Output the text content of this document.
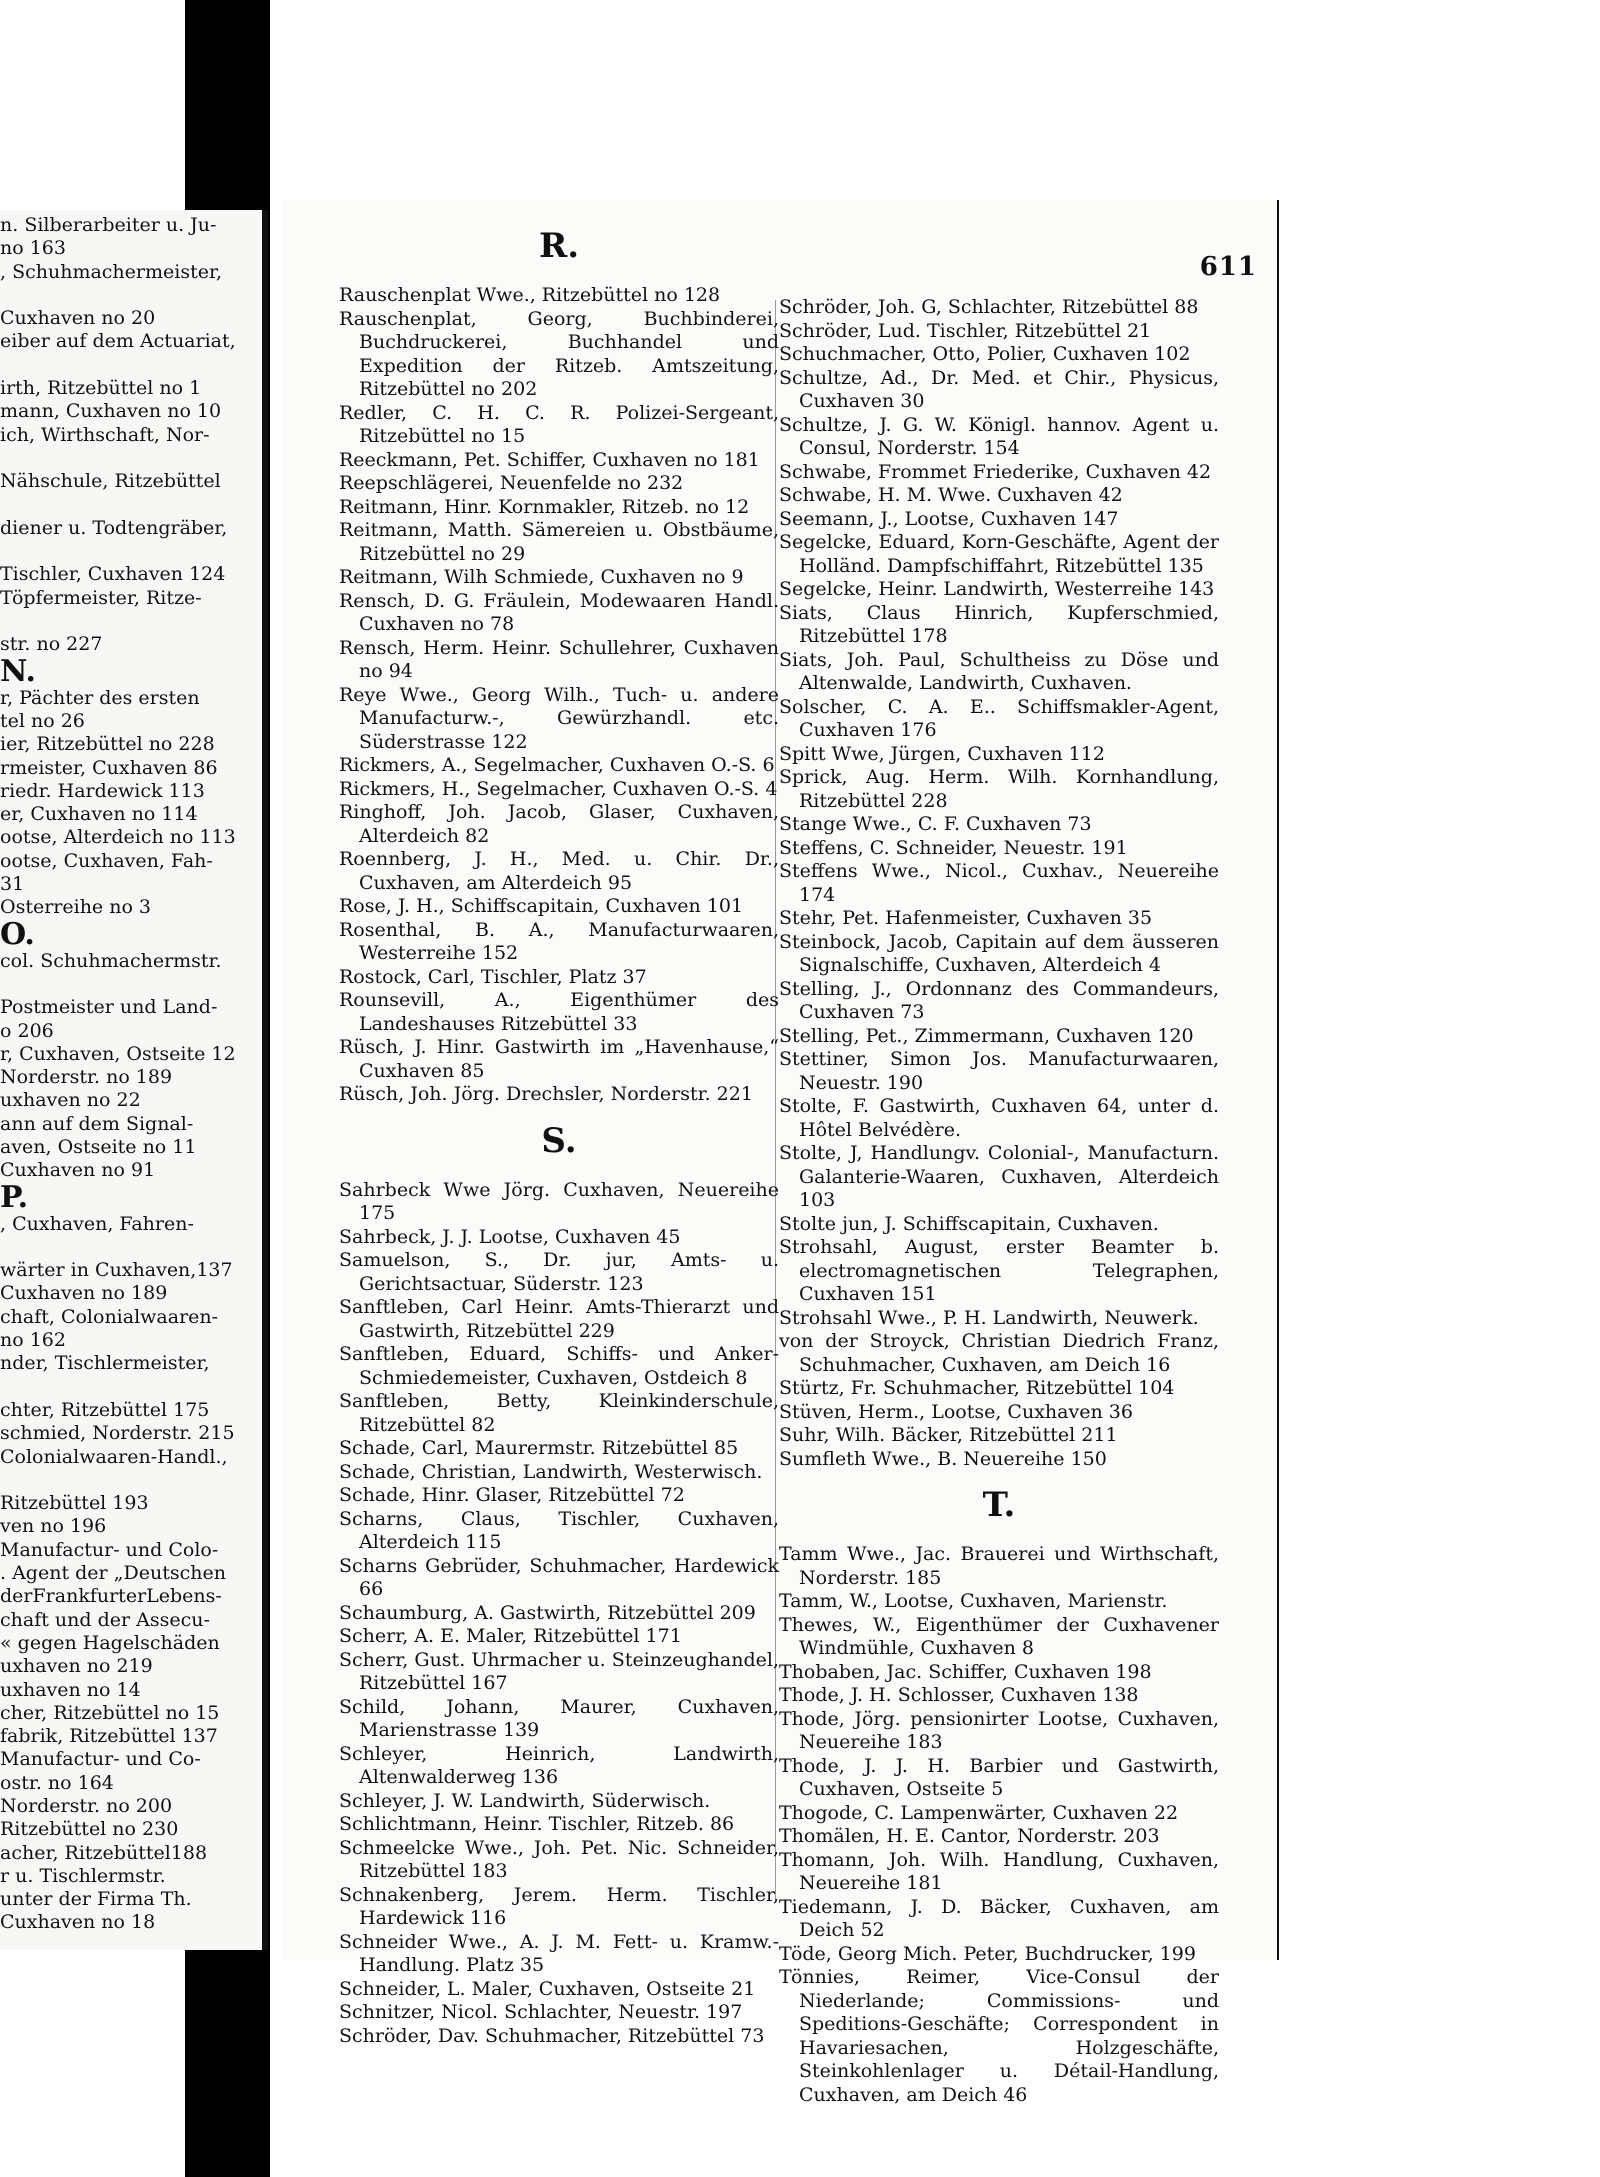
n. Silberarbeiter u. Ju-
no 163
, Schuhmachermeister,

Cuxhaven no 20
eiber auf dem Actuariat,

irth, Ritzebüttel no 1
mann, Cuxhaven no 10
ich, Wirthschaft, Nor-

Nähschule, Ritzebüttel

diener u. Todtengräber,

Tischler, Cuxhaven 124
Töpfermeister, Ritze-

str. no 227
N.
r, Pächter des ersten
tel no 26
ier, Ritzebüttel no 228
rmeister, Cuxhaven 86
riedr. Hardewick 113
er, Cuxhaven no 114
ootse, Alterdeich no 113
ootse, Cuxhaven, Fah-
31
Osterreihe no 3
O.
col. Schuhmachermstr.

Postmeister und Land-
o 206
r, Cuxhaven, Ostseite 12
Norderstr. no 189
uxhaven no 22
ann auf dem Signal-
aven, Ostseite no 11
Cuxhaven no 91
P.
, Cuxhaven, Fahren-

wärter in Cuxhaven,137
Cuxhaven no 189
chaft, Colonialwaaren-
no 162
nder, Tischlermeister,

chter, Ritzebüttel 175
schmied, Norderstr. 215
Colonialwaaren-Handl.,

Ritzebüttel 193
ven no 196
Manufactur- und Colo-
. Agent der „Deutschen
derFrankfurterLebens-
chaft und der Assecu-
« gegen Hagelschäden
uxhaven no 219
uxhaven no 14
cher, Ritzebüttel no 15
fabrik, Ritzebüttel 137
Manufactur- und Co-
ostr. no 164
Norderstr. no 200
Ritzebüttel no 230
acher, Ritzebüttel188
r u. Tischlermstr.
unter der Firma Th.
Cuxhaven no 18
611
R.

Rauschenplat Wwe., Ritzebüttel no 128

Rauschenplat, Georg, Buchbinderei, Buchdruckerei, Buchhandel und Expedition der Ritzeb. Amtszeitung, Ritzebüttel no 202

Redler, C. H. C. R. Polizei-Sergeant, Ritzebüttel no 15

Reeckmann, Pet. Schiffer, Cuxhaven no 181

Reepschlägerei, Neuenfelde no 232

Reitmann, Hinr. Kornmakler, Ritzeb. no 12

Reitmann, Matth. Sämereien u. Obstbäume, Ritzebüttel no 29

Reitmann, Wilh Schmiede, Cuxhaven no 9

Rensch, D. G. Fräulein, Modewaaren Handl. Cuxhaven no 78

Rensch, Herm. Heinr. Schullehrer, Cuxhaven no 94

Reye Wwe., Georg Wilh., Tuch- u. andere Manufacturw.-, Gewürzhandl. etc. Süderstrasse 122

Rickmers, A., Segelmacher, Cuxhaven O.-S. 6

Rickmers, H., Segelmacher, Cuxhaven O.-S. 4

Ringhoff, Joh. Jacob, Glaser, Cuxhaven, Alterdeich 82

Roennberg, J. H., Med. u. Chir. Dr., Cuxhaven, am Alterdeich 95

Rose, J. H., Schiffscapitain, Cuxhaven 101

Rosenthal, B. A., Manufacturwaaren, Westerreihe 152

Rostock, Carl, Tischler, Platz 37

Rounsevill, A., Eigenthümer des Landeshauses Ritzebüttel 33

Rüsch, J. Hinr. Gastwirth im „Havenhause,“ Cuxhaven 85

Rüsch, Joh. Jörg. Drechsler, Norderstr. 221

S.

Sahrbeck Wwe Jörg. Cuxhaven, Neuereihe 175

Sahrbeck, J. J. Lootse, Cuxhaven 45

Samuelson, S., Dr. jur, Amts- u. Gerichtsactuar, Süderstr. 123

Sanftleben, Carl Heinr. Amts-Thierarzt und Gastwirth, Ritzebüttel 229

Sanftleben, Eduard, Schiffs- und Anker-Schmiedemeister, Cuxhaven, Ostdeich 8

Sanftleben, Betty, Kleinkinderschule, Ritzebüttel 82

Schade, Carl, Maurermstr. Ritzebüttel 85

Schade, Christian, Landwirth, Westerwisch.

Schade, Hinr. Glaser, Ritzebüttel 72

Scharns, Claus, Tischler, Cuxhaven, Alterdeich 115

Scharns Gebrüder, Schuhmacher, Hardewick 66

Schaumburg, A. Gastwirth, Ritzebüttel 209

Scherr, A. E. Maler, Ritzebüttel 171

Scherr, Gust. Uhrmacher u. Steinzeughandel, Ritzebüttel 167

Schild, Johann, Maurer, Cuxhaven, Marienstrasse 139

Schleyer, Heinrich, Landwirth, Altenwalderweg 136

Schleyer, J. W. Landwirth, Süderwisch.

Schlichtmann, Heinr. Tischler, Ritzeb. 86

Schmeelcke Wwe., Joh. Pet. Nic. Schneider, Ritzebüttel 183

Schnakenberg, Jerem. Herm. Tischler, Hardewick 116

Schneider Wwe., A. J. M. Fett- u. Kramw.-Handlung. Platz 35

Schneider, L. Maler, Cuxhaven, Ostseite 21

Schnitzer, Nicol. Schlachter, Neuestr. 197

Schröder, Dav. Schuhmacher, Ritzebüttel 73

Schröder, Joh. G, Schlachter, Ritzebüttel 88

Schröder, Lud. Tischler, Ritzebüttel 21

Schuchmacher, Otto, Polier, Cuxhaven 102

Schultze, Ad., Dr. Med. et Chir., Physicus, Cuxhaven 30

Schultze, J. G. W. Königl. hannov. Agent u. Consul, Norderstr. 154

Schwabe, Frommet Friederike, Cuxhaven 42

Schwabe, H. M. Wwe. Cuxhaven 42

Seemann, J., Lootse, Cuxhaven 147

Segelcke, Eduard, Korn-Geschäfte, Agent der Holländ. Dampfschiffahrt, Ritzebüttel 135

Segelcke, Heinr. Landwirth, Westerreihe 143

Siats, Claus Hinrich, Kupferschmied, Ritzebüttel 178

Siats, Joh. Paul, Schultheiss zu Döse und Altenwalde, Landwirth, Cuxhaven.

Solscher, C. A. E.. Schiffsmakler-Agent, Cuxhaven 176

Spitt Wwe, Jürgen, Cuxhaven 112

Sprick, Aug. Herm. Wilh. Kornhandlung, Ritzebüttel 228

Stange Wwe., C. F. Cuxhaven 73

Steffens, C. Schneider, Neuestr. 191

Steffens Wwe., Nicol., Cuxhav., Neuereihe 174

Stehr, Pet. Hafenmeister, Cuxhaven 35

Steinbock, Jacob, Capitain auf dem äusseren Signalschiffe, Cuxhaven, Alterdeich 4

Stelling, J., Ordonnanz des Commandeurs, Cuxhaven 73

Stelling, Pet., Zimmermann, Cuxhaven 120

Stettiner, Simon Jos. Manufacturwaaren, Neuestr. 190

Stolte, F. Gastwirth, Cuxhaven 64, unter d. Hôtel Belvédère.

Stolte, J, Handlungv. Colonial-, Manufacturn. Galanterie-Waaren, Cuxhaven, Alterdeich 103

Stolte jun, J. Schiffscapitain, Cuxhaven.

Strohsahl, August, erster Beamter b. electromagnetischen Telegraphen, Cuxhaven 151

Strohsahl Wwe., P. H. Landwirth, Neuwerk.

von der Stroyck, Christian Diedrich Franz, Schuhmacher, Cuxhaven, am Deich 16

Stürtz, Fr. Schuhmacher, Ritzebüttel 104

Stüven, Herm., Lootse, Cuxhaven 36

Suhr, Wilh. Bäcker, Ritzebüttel 211

Sumfleth Wwe., B. Neuereihe 150

T.

Tamm Wwe., Jac. Brauerei und Wirthschaft, Norderstr. 185

Tamm, W., Lootse, Cuxhaven, Marienstr.

Thewes, W., Eigenthümer der Cuxhavener Windmühle, Cuxhaven 8

Thobaben, Jac. Schiffer, Cuxhaven 198

Thode, J. H. Schlosser, Cuxhaven 138

Thode, Jörg. pensionirter Lootse, Cuxhaven, Neuereihe 183

Thode, J. J. H. Barbier und Gastwirth, Cuxhaven, Ostseite 5

Thogode, C. Lampenwärter, Cuxhaven 22

Thomälen, H. E. Cantor, Norderstr. 203

Thomann, Joh. Wilh. Handlung, Cuxhaven, Neuereihe 181

Tiedemann, J. D. Bäcker, Cuxhaven, am Deich 52

Töde, Georg Mich. Peter, Buchdrucker, 199

Tönnies, Reimer, Vice-Consul der Niederlande; Commissions- und Speditions-Geschäfte; Correspondent in Havariesachen, Holzgeschäfte, Steinkohlenlager u. Détail-Handlung, Cuxhaven, am Deich 46
